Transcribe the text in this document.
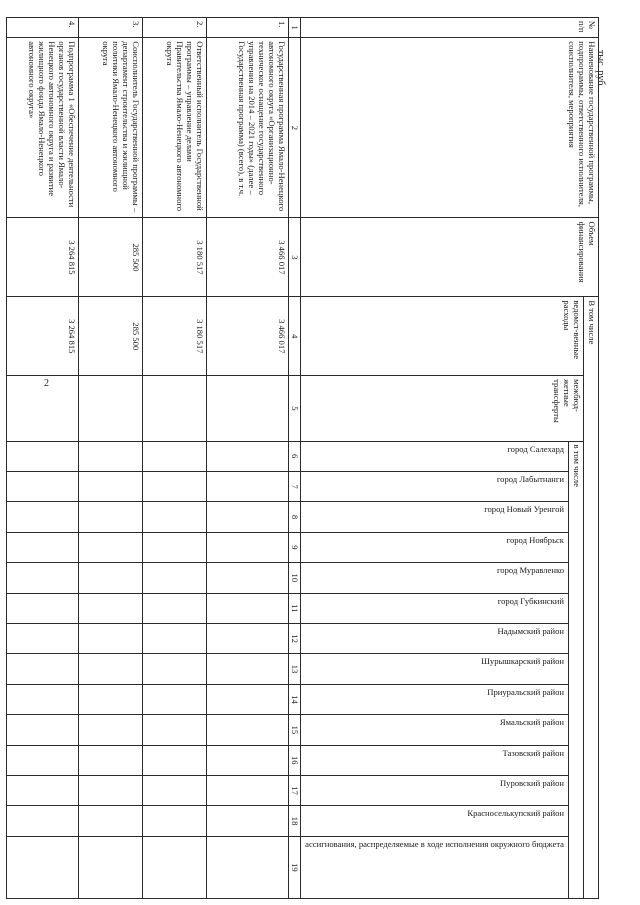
2
тыс. руб.
№ п/п	Наименование государственной программы, подпрограммы, ответственного исполнителя, соисполнителя, мероприятия	Объем финансирования	В том числе															
			ведомст-венные расходы	межбюд-жетные трансферты	в том числе													

					город Салехард	город Лабытнанги	город Новый Уренгой	город Ноябрьск	город Муравленко	город Губкинский	Надымский район	Шурышкарский район	Приуральский район	Ямальский район	Тазовский район	Пуровский район	Красноселькупский район	ассигнования, распределяемые в ходе исполнения окружного бюджета

1	2	3	4	5	6	7	8	9	10	11	12	13	14	15	16	17	18	19
1.	Государственная программа Ямало-Ненецкого автономного округа «Организационно-техническое оснащение государственного управления на 2014 – 2021 годы» (далее – Государственная программа) (всего), в т.ч.	3 466 017	3 466 017															
2.	Ответственный исполнитель Государственной программы – управление делами Правительства Ямало-Ненецкого автономного округа	3 180 517	3 180 517															
3.	Соисполнитель Государственной программы – департамент строительства и жилищной политики Ямало-Ненецкого автономного округа	285 500	285 500															
4.	Подпрограмма 1 «Обеспечение деятельности органов государственной власти Ямало-Ненецкого автономного округа и развитие жилищного фонда Ямало-Ненецкого автономного округа»	3 264 815	3 264 815															
